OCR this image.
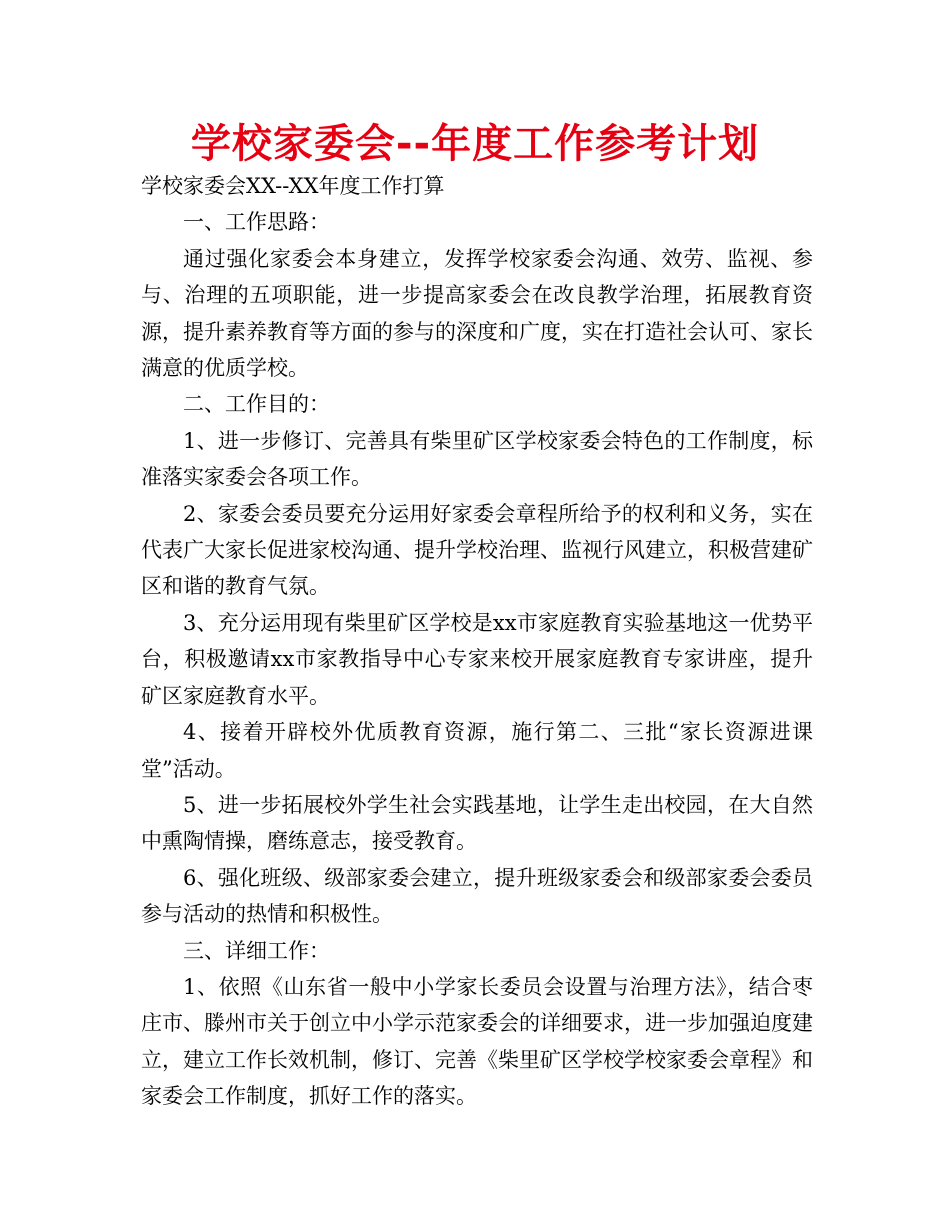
学校家委会--年度工作参考计划

学校家委会XX--XX年度工作打算

一、工作思路：

通过强化家委会本身建立，发挥学校家委会沟通、效劳、监视、参与、治理的五项职能，进一步提高家委会在改良教学治理，拓展教育资源，提升素养教育等方面的参与的深度和广度，实在打造社会认可、家长满意的优质学校。

二、工作目的：

1、进一步修订、完善具有柴里矿区学校家委会特色的工作制度，标准落实家委会各项工作。

2、家委会委员要充分运用好家委会章程所给予的权利和义务，实在代表广大家长促进家校沟通、提升学校治理、监视行风建立，积极营建矿区和谐的教育气氛。

3、充分运用现有柴里矿区学校是xx市家庭教育实验基地这一优势平台，积极邀请xx市家教指导中心专家来校开展家庭教育专家讲座，提升矿区家庭教育水平。

4、接着开辟校外优质教育资源，施行第二、三批“家长资源进课堂”活动。

5、进一步拓展校外学生社会实践基地，让学生走出校园，在大自然中熏陶情操，磨练意志，接受教育。

6、强化班级、级部家委会建立，提升班级家委会和级部家委会委员参与活动的热情和积极性。

三、详细工作：

1、依照《山东省一般中小学家长委员会设置与治理方法》，结合枣庄市、滕州市关于创立中小学示范家委会的详细要求，进一步加强迫度建立，建立工作长效机制，修订、完善《柴里矿区学校学校家委会章程》和家委会工作制度，抓好工作的落实。
